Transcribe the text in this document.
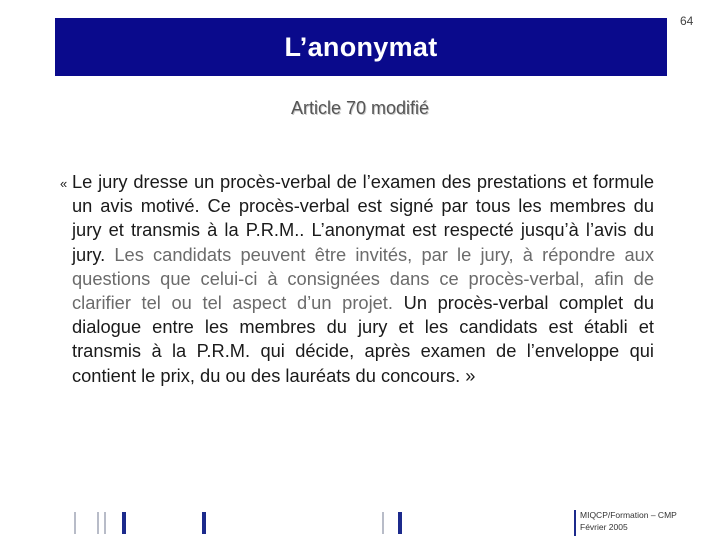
L’anonymat
64
Article 70 modifié
« Le jury dresse un procès-verbal de l’examen des prestations et formule un avis motivé. Ce procès-verbal est signé par tous les membres du jury et transmis à la P.R.M.. L’anonymat est respecté jusqu’à l’avis du jury. Les candidats peuvent être invités, par le jury, à répondre aux questions que celui-ci à consignées dans ce procès-verbal, afin de clarifier tel ou tel aspect d’un projet. Un procès-verbal complet du dialogue entre les membres du jury et les candidats est établi et transmis à la P.R.M. qui décide, après examen de l’enveloppe qui contient le prix, du ou des lauréats du concours. »
MIQCP/Formation – CMP
Février 2005
